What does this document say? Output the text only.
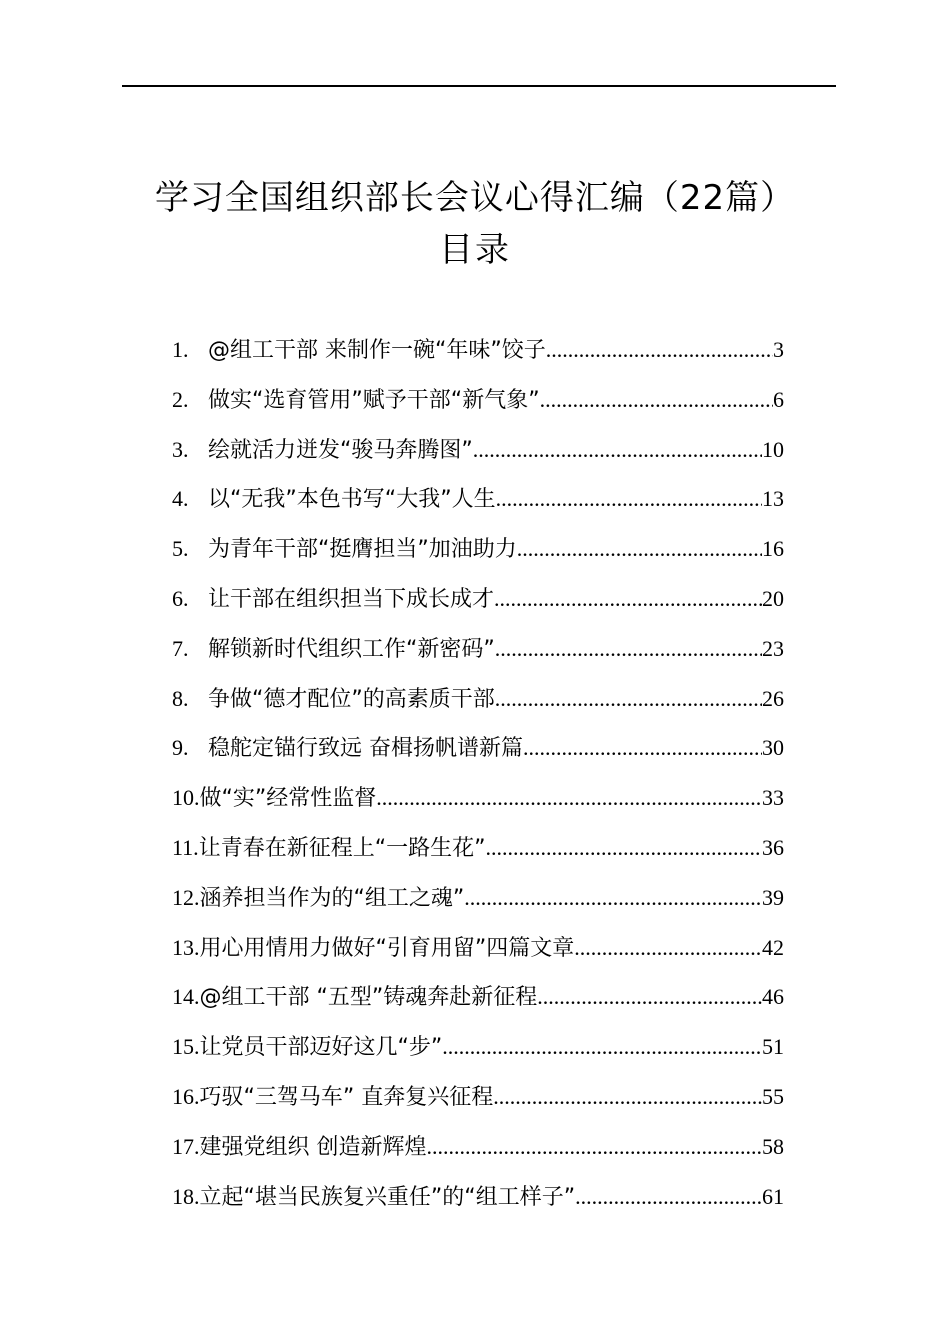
学习全国组织部长会议心得汇编（22篇）
目录
1. @组工干部 来制作一碗“年味”饺子 .....	3
2. 做实“选育管用”赋予干部“新气象” .....	6
3. 绘就活力迸发“骏马奔腾图” .....	10
4. 以“无我”本色书写“大我”人生 .....	13
5. 为青年干部“挺膺担当”加油助力 .....	16
6. 让干部在组织担当下成长成才 .....	20
7. 解锁新时代组织工作“新密码” .....	23
8. 争做“德才配位”的高素质干部 .....	26
9. 稳舵定锚行致远 奋楫扬帆谱新篇 .....	30
10. 做“实”经常性监督 .....	33
11. 让青春在新征程上“一路生花” .....	36
12. 涵养担当作为的“组工之魂” .....	39
13. 用心用情用力做好“引育用留”四篇文章 .....	42
14. @组工干部 “五型”铸魂奔赴新征程 .....	46
15. 让党员干部迈好这几“步” .....	51
16. 巧驭“三驾马车” 直奔复兴征程 .....	55
17. 建强党组织 创造新辉煌 .....	58
18. 立起“堪当民族复兴重任”的“组工样子” .....	61
